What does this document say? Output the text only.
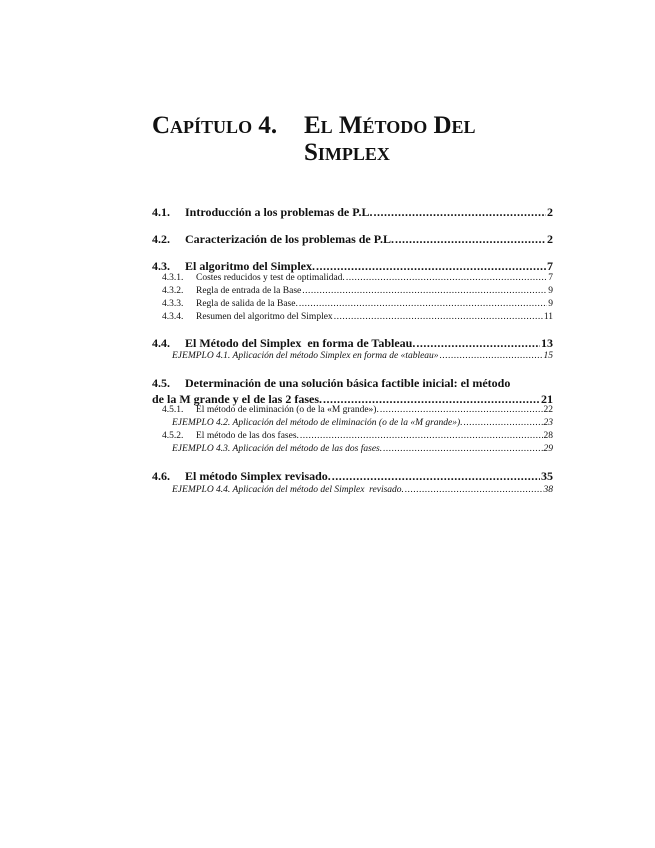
Capítulo 4. El Método Del Simplex
4.1.	Introducción a los problemas de P.L. .....	2
4.2.	Caracterización de los problemas de P.L. .....	2
4.3.	El algoritmo del Simplex. .....	7
4.3.1.	Costes reducidos y test de optimalidad. .....	7
4.3.2.	Regla de entrada de la Base .....	9
4.3.3.	Regla de salida de la Base. .....	9
4.3.4.	Resumen del algoritmo del Simplex .....	11
4.4.	El Método del Simplex  en forma de Tableau. .....	13
EJEMPLO 4.1. Aplicación del método Simplex en forma de «tableau» .....	15
4.5.	Determinación de una solución básica factible inicial: el método
de la M grande y el de las 2 fases. .....	21
4.5.1.	El método de eliminación (o de la «M grande»). .....	22
EJEMPLO 4.2. Aplicación del método de eliminación (o de la «M grande»). .....	23
4.5.2.	El método de las dos fases. .....	28
EJEMPLO 4.3. Aplicación del método de las dos fases. .....	29
4.6.	El método Simplex revisado. .....	35
EJEMPLO 4.4. Aplicación del método del Simplex  revisado. .....	38
